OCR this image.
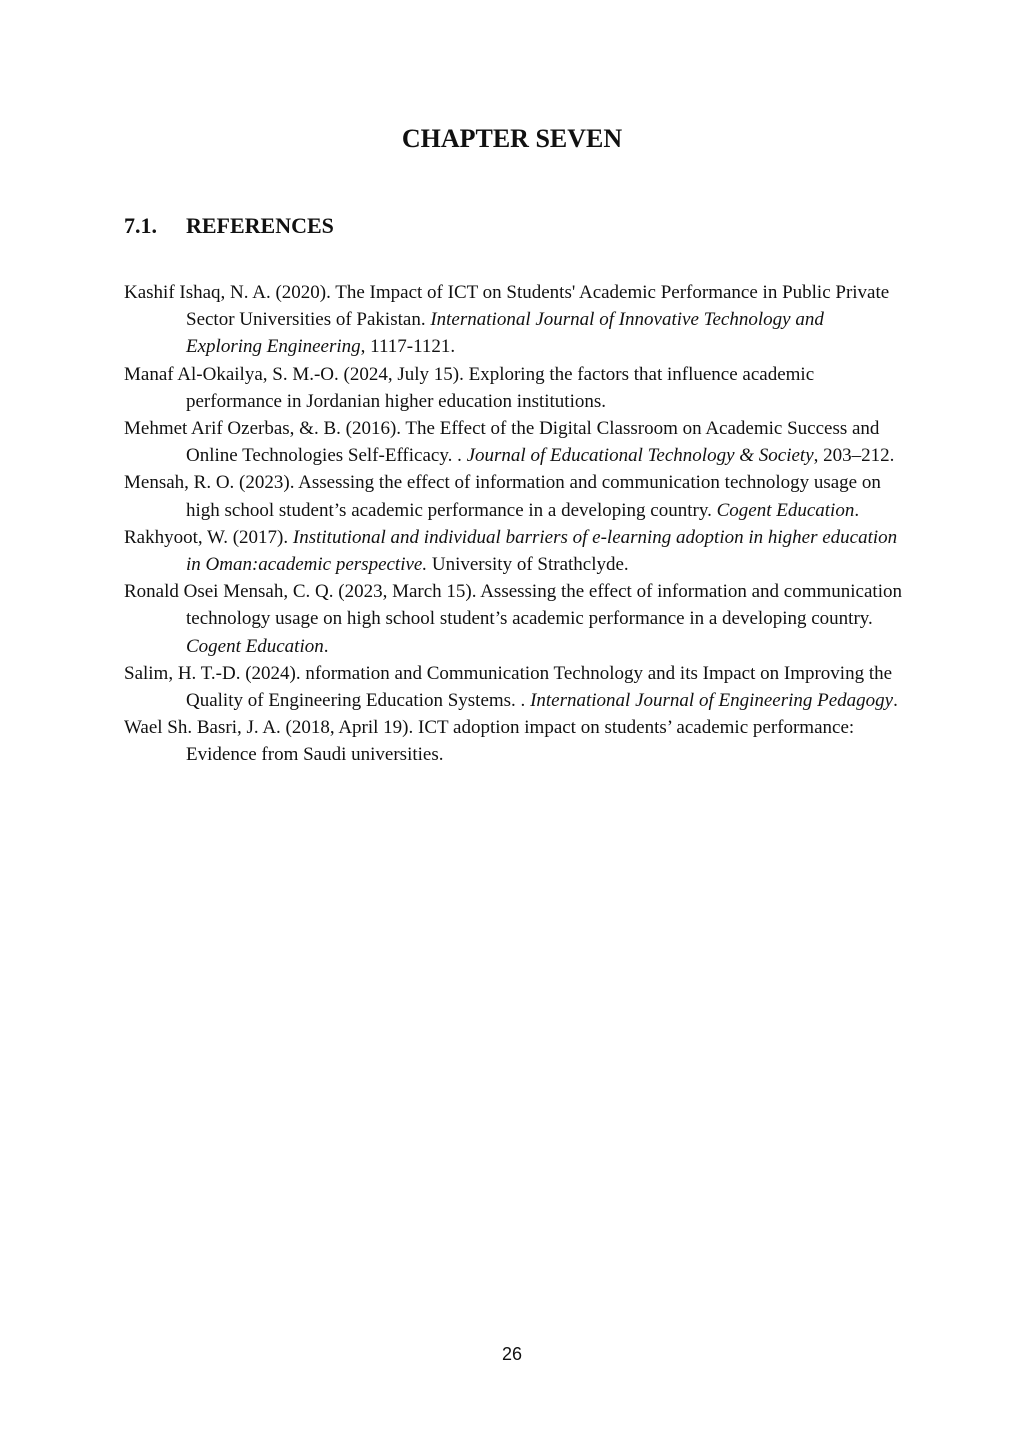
CHAPTER SEVEN
7.1. REFERENCES
Kashif Ishaq, N. A. (2020). The Impact of ICT on Students' Academic Performance in Public Private Sector Universities of Pakistan. International Journal of Innovative Technology and Exploring Engineering, 1117-1121.
Manaf Al-Okailya, S. M.-O. (2024, July 15). Exploring the factors that influence academic performance in Jordanian higher education institutions.
Mehmet Arif Ozerbas, &. B. (2016). The Effect of the Digital Classroom on Academic Success and Online Technologies Self-Efficacy. . Journal of Educational Technology & Society, 203–212.
Mensah, R. O. (2023). Assessing the effect of information and communication technology usage on high school student’s academic performance in a developing country. Cogent Education.
Rakhyoot, W. (2017). Institutional and individual barriers of e-learning adoption in higher education in Oman:academic perspective. University of Strathclyde.
Ronald Osei Mensah, C. Q. (2023, March 15). Assessing the effect of information and communication technology usage on high school student’s academic performance in a developing country. Cogent Education.
Salim, H. T.-D. (2024). nformation and Communication Technology and its Impact on Improving the Quality of Engineering Education Systems. . International Journal of Engineering Pedagogy.
Wael Sh. Basri, J. A. (2018, April 19). ICT adoption impact on students’ academic performance: Evidence from Saudi universities.
26
